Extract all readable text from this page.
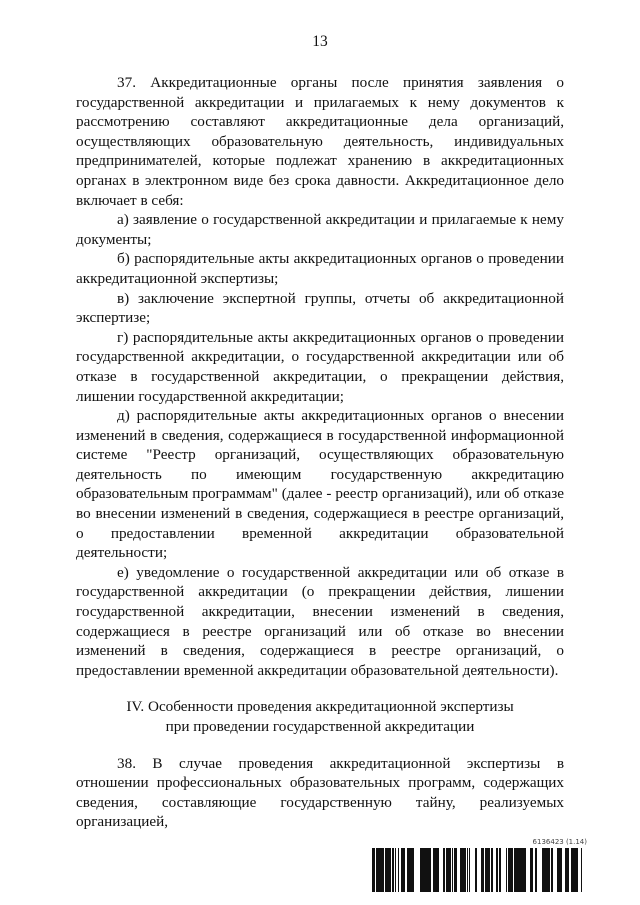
13

37. Аккредитационные органы после принятия заявления о государственной аккредитации и прилагаемых к нему документов к рассмотрению составляют аккредитационные дела организаций, осуществляющих образовательную деятельность, индивидуальных предпринимателей, которые подлежат хранению в аккредитационных органах в электронном виде без срока давности. Аккредитационное дело включает в себя:

а) заявление о государственной аккредитации и прилагаемые к нему документы;

б) распорядительные акты аккредитационных органов о проведении аккредитационной экспертизы;

в) заключение экспертной группы, отчеты об аккредитационной экспертизе;

г) распорядительные акты аккредитационных органов о проведении государственной аккредитации, о государственной аккредитации или об отказе в государственной аккредитации, о прекращении действия, лишении государственной аккредитации;

д) распорядительные акты аккредитационных органов о внесении изменений в сведения, содержащиеся в государственной информационной системе "Реестр организаций, осуществляющих образовательную деятельность по имеющим государственную аккредитацию образовательным программам" (далее - реестр организаций), или об отказе во внесении изменений в сведения, содержащиеся в реестре организаций, о предоставлении временной аккредитации образовательной деятельности;

е) уведомление о государственной аккредитации или об отказе в государственной аккредитации (о прекращении действия, лишении государственной аккредитации, внесении изменений в сведения, содержащиеся в реестре организаций или об отказе во внесении изменений в сведения, содержащиеся в реестре организаций, о предоставлении временной аккредитации образовательной деятельности).

IV. Особенности проведения аккредитационной экспертизы
при проведении государственной аккредитации

38. В случае проведения аккредитационной экспертизы в отношении профессиональных образовательных программ, содержащих сведения, составляющие государственную тайну, реализуемых организацией,

6136423 (1.14)
